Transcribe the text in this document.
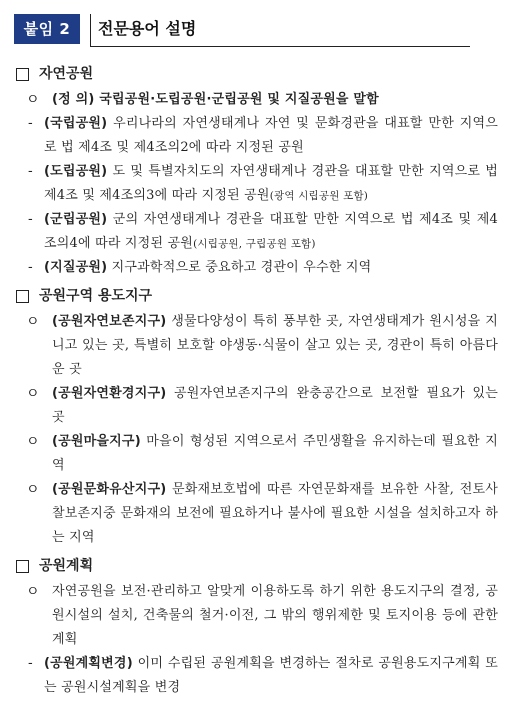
붙임 2	전문용어 설명
자연공원
ㅇ (정 의) 국립공원·도립공원·군립공원 및 지질공원을 말함
- (국립공원) 우리나라의 자연생태계나 자연 및 문화경관을 대표할 만한 지역으로 법 제4조 및 제4조의2에 따라 지정된 공원
- (도립공원) 도 및 특별자치도의 자연생태계나 경관을 대표할 만한 지역으로 법 제4조 및 제4조의3에 따라 지정된 공원(광역 시립공원 포함)
- (군립공원) 군의 자연생태계나 경관을 대표할 만한 지역으로 법 제4조 및 제4조의4에 따라 지정된 공원(시립공원, 구립공원 포함)
- (지질공원) 지구과학적으로 중요하고 경관이 우수한 지역
공원구역 용도지구
ㅇ (공원자연보존지구) 생물다양성이 특히 풍부한 곳, 자연생태계가 원시성을 지니고 있는 곳, 특별히 보호할 야생동·식물이 살고 있는 곳, 경관이 특히 아름다운 곳
ㅇ (공원자연환경지구) 공원자연보존지구의 완충공간으로 보전할 필요가 있는 곳
ㅇ (공원마을지구) 마을이 형성된 지역으로서 주민생활을 유지하는데 필요한 지역
ㅇ (공원문화유산지구) 문화재보호법에 따른 자연문화재를 보유한 사찰, 전토사찰보존지중 문화재의 보전에 필요하거나 불사에 필요한 시설을 설치하고자 하는 지역
공원계획
ㅇ 자연공원을 보전·관리하고 알맞게 이용하도록 하기 위한 용도지구의 결정, 공원시설의 설치, 건축물의 철거·이전, 그 밖의 행위제한 및 토지이용 등에 관한 계획
- (공원계획변경) 이미 수립된 공원계획을 변경하는 절차로 공원용도지구계획 또는 공원시설계획을 변경
